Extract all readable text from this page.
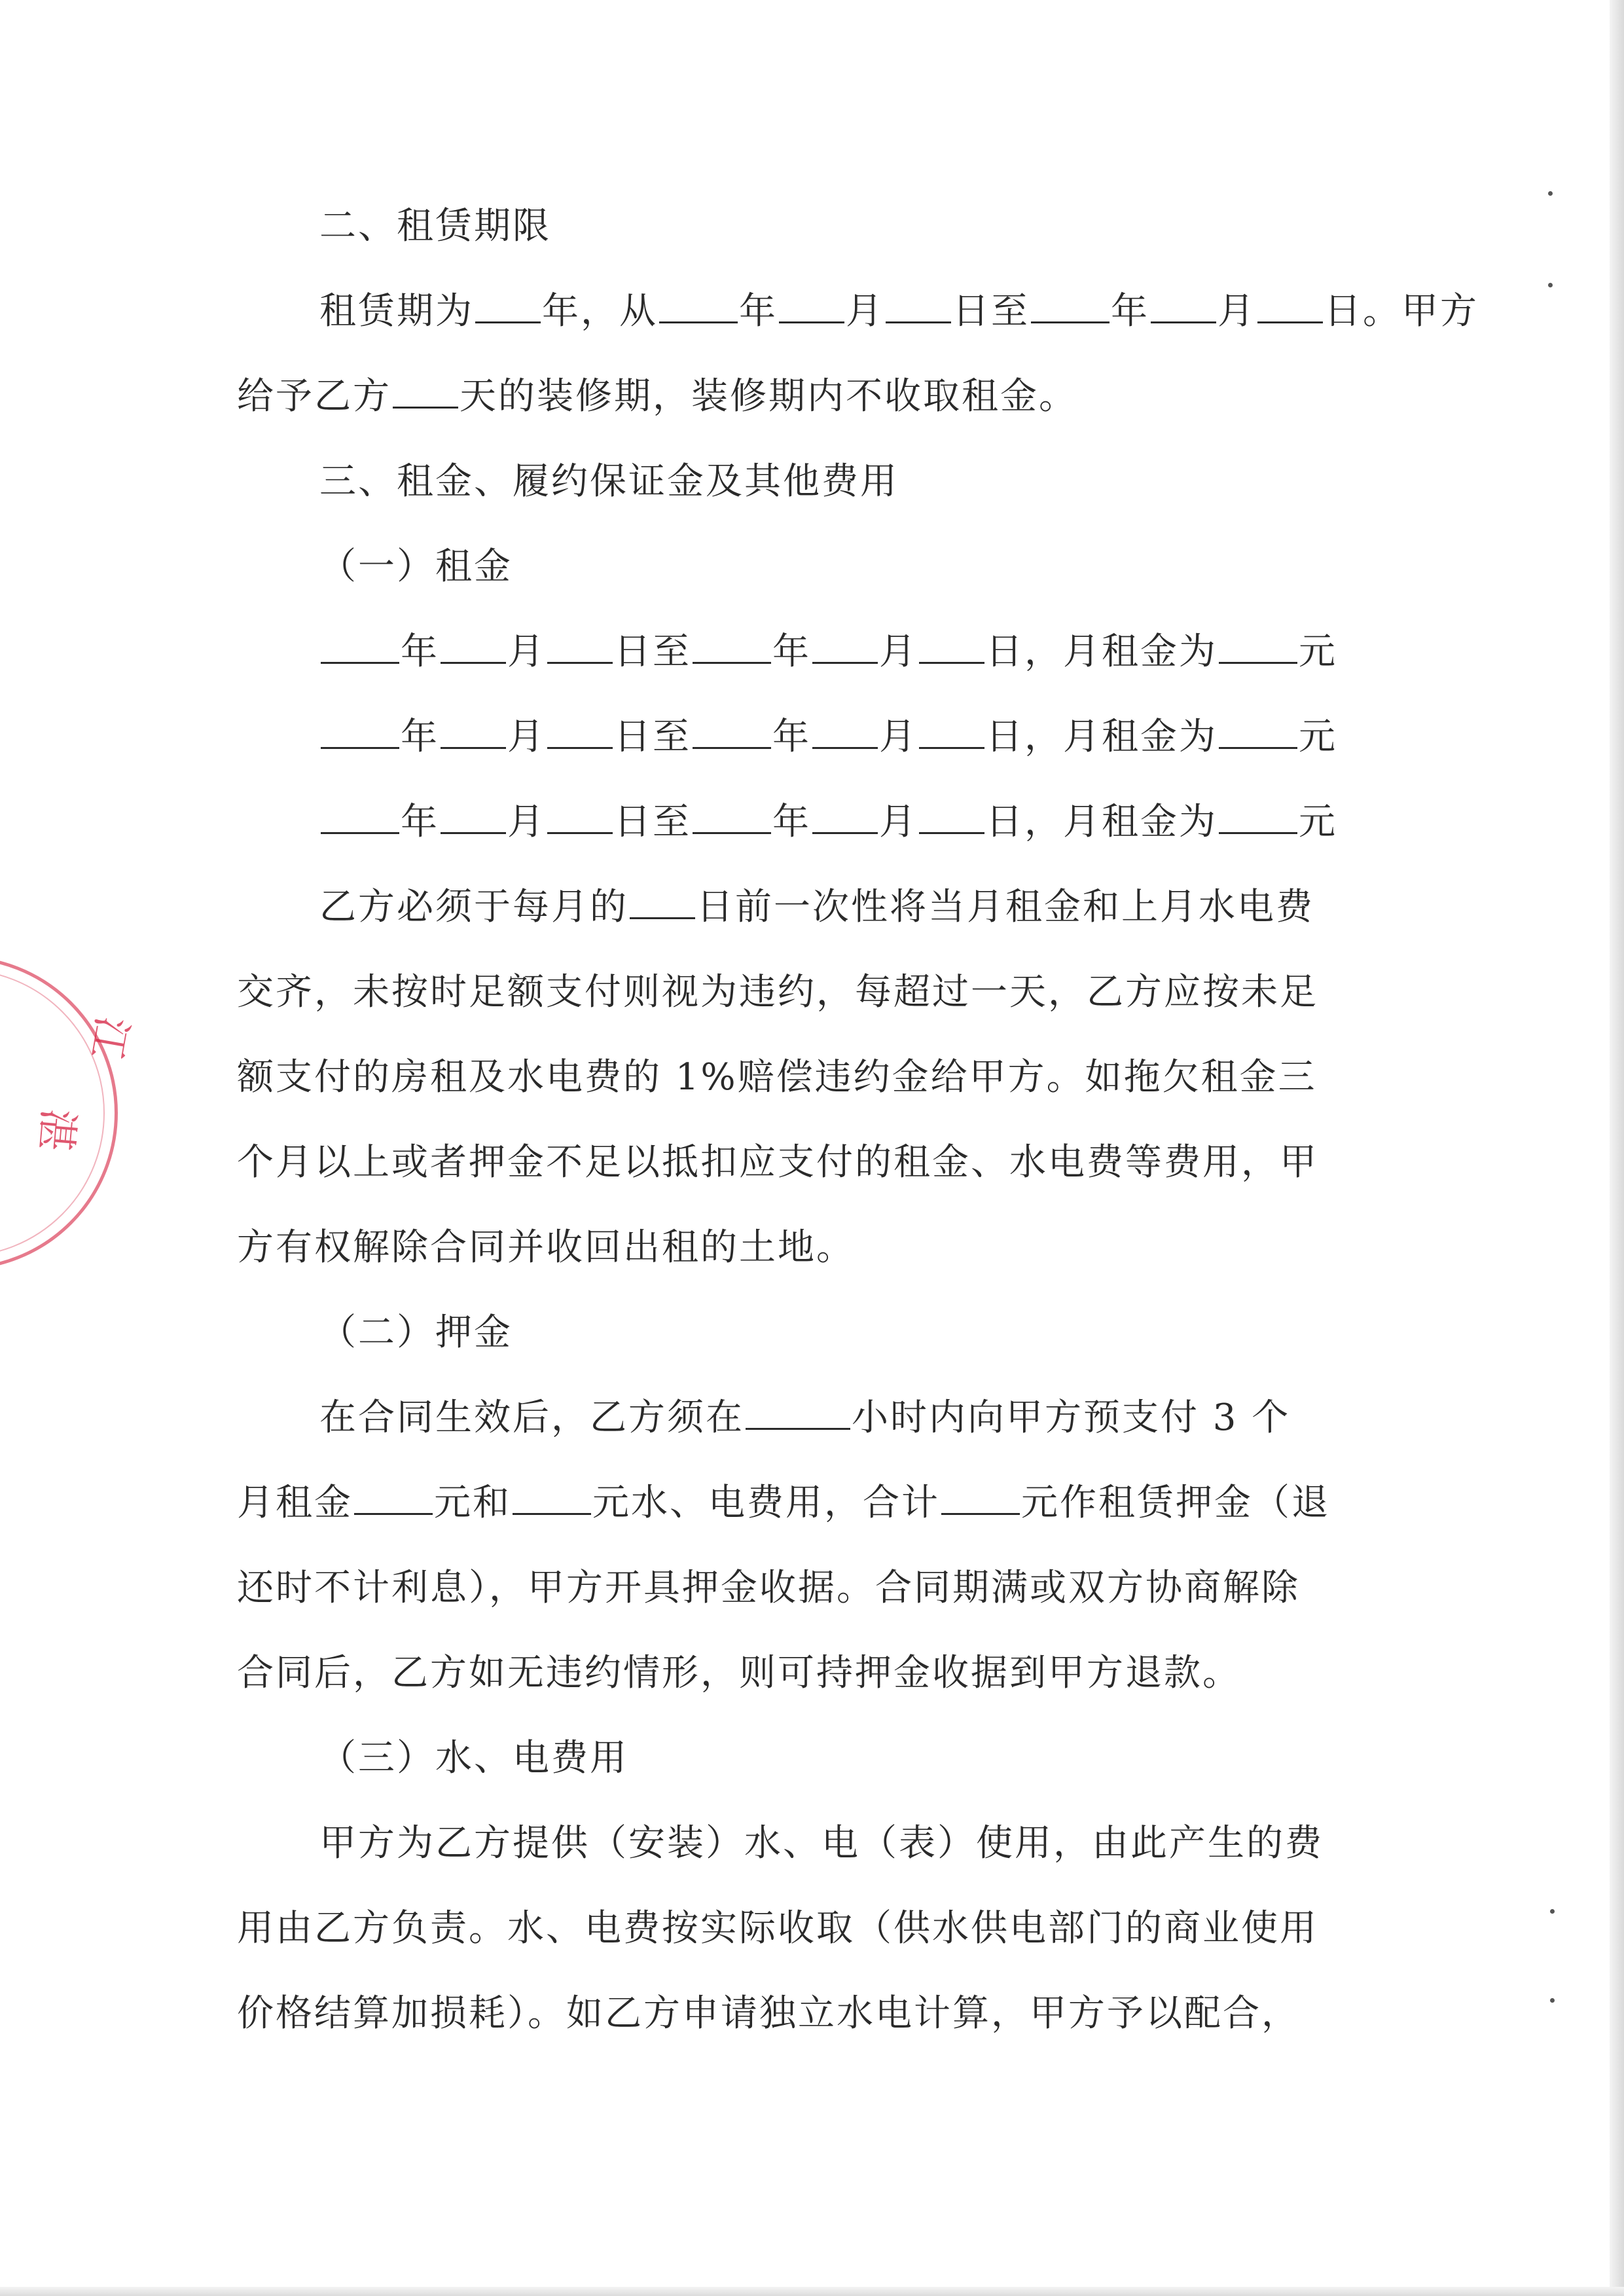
江
湛

二、租赁期限

租赁期为 年，从 年 月 日至 年 月 日。甲方

给予乙方 天的装修期，装修期内不收取租金。

三、租金、履约保证金及其他费用

（一）租金

年 月 日至 年 月 日，月租金为 元

年 月 日至 年 月 日，月租金为 元

年 月 日至 年 月 日，月租金为 元

乙方必须于每月的 日前一次性将当月租金和上月水电费

交齐，未按时足额支付则视为违约，每超过一天，乙方应按未足

额支付的房租及水电费的 1%赔偿违约金给甲方。如拖欠租金三

个月以上或者押金不足以抵扣应支付的租金、水电费等费用，甲

方有权解除合同并收回出租的土地。

（二）押金

在合同生效后，乙方须在	小时内向甲方预支付 3 个

月租金 元和 元水、电费用，合计 元作租赁押金（退

还时不计利息），甲方开具押金收据。合同期满或双方协商解除

合同后，乙方如无违约情形，则可持押金收据到甲方退款。

（三）水、电费用

甲方为乙方提供（安装）水、电（表）使用，由此产生的费

用由乙方负责。水、电费按实际收取（供水供电部门的商业使用

价格结算加损耗）。如乙方申请独立水电计算，甲方予以配合，
